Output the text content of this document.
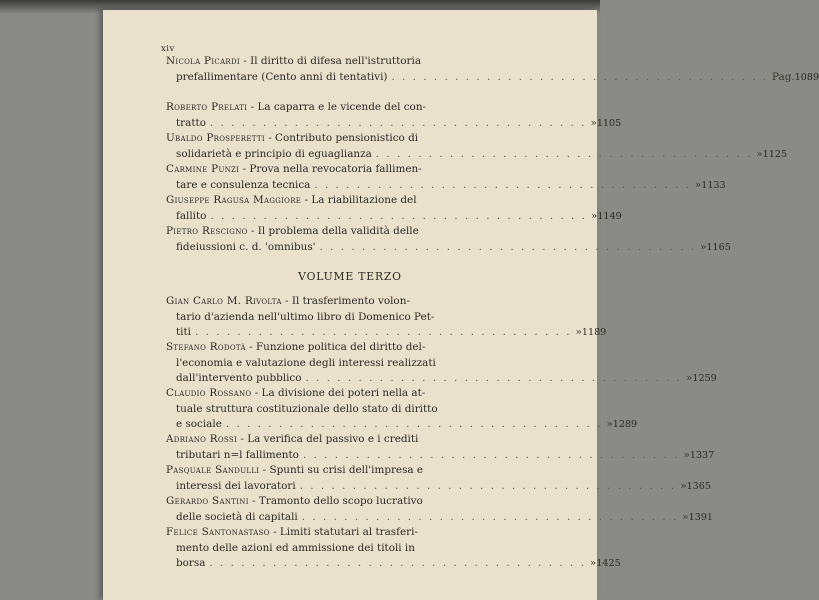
xiv
VOLUME TERZO
Nicola Picardi - Il diritto di difesa nell'istruttoria
prefallimentare (Cento anni di tentativi) . . . . . . . . . . . . . . . . . . . . . . . . . . . . . . . . . . . . Pag.1089
Roberto Prelati - La caparra e le vicende del con-
tratto . . . . . . . . . . . . . . . . . . . . . . . . . . . . . . . . . . . . »1105
Ubaldo Prosperetti - Contributo pensionistico di
solidarietà e principio di eguaglianza . . . . . . . . . . . . . . . . . . . . . . . . . . . . . . . . . . . . »1125
Carmine Punzi - Prova nella revocatoria fallimen-
tare e consulenza tecnica . . . . . . . . . . . . . . . . . . . . . . . . . . . . . . . . . . . . »1133
Giuseppe Ragusa Maggiore - La riabilitazione del
fallito . . . . . . . . . . . . . . . . . . . . . . . . . . . . . . . . . . . . »1149
Pietro Rescigno - Il problema della validità delle
fideiussioni c. d. 'omnibus' . . . . . . . . . . . . . . . . . . . . . . . . . . . . . . . . . . . . »1165
Gian Carlo M. Rivolta - Il trasferimento volon-
tario d'azienda nell'ultimo libro di Domenico Pet-
titi . . . . . . . . . . . . . . . . . . . . . . . . . . . . . . . . . . . . »1189
Stefano Rodotà - Funzione politica del diritto del-
l'economia e valutazione degli interessi realizzati
dall'intervento pubblico . . . . . . . . . . . . . . . . . . . . . . . . . . . . . . . . . . . . »1259
Claudio Rossano - La divisione dei poteri nella at-
tuale struttura costituzionale dello stato di diritto
e sociale . . . . . . . . . . . . . . . . . . . . . . . . . . . . . . . . . . . . »1289
Adriano Rossi - La verifica del passivo e i crediti
tributari n=l fallimento . . . . . . . . . . . . . . . . . . . . . . . . . . . . . . . . . . . . »1337
Pasquale Sandulli - Spunti su crisi dell'impresa e
interessi dei lavoratori . . . . . . . . . . . . . . . . . . . . . . . . . . . . . . . . . . . . »1365
Gerardo Santini - Tramonto dello scopo lucrativo
delle società di capitali . . . . . . . . . . . . . . . . . . . . . . . . . . . . . . . . . . . . »1391
Felice Santonastaso - Limiti statutari al trasferi-
mento delle azioni ed ammissione dei titoli in
borsa . . . . . . . . . . . . . . . . . . . . . . . . . . . . . . . . . . . . »1425
